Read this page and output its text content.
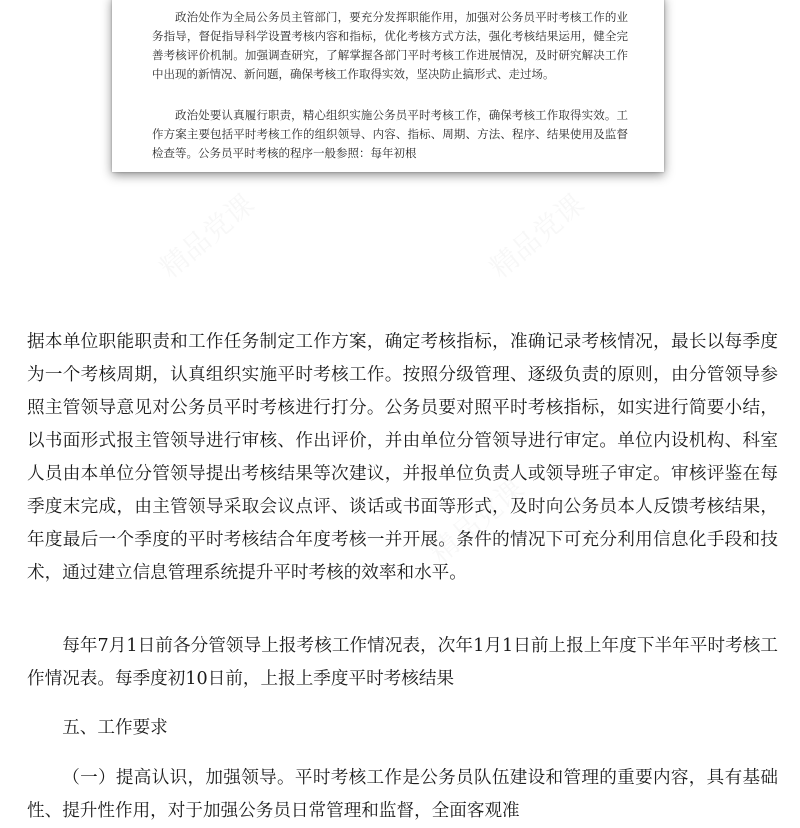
政治处作为全局公务员主管部门，要充分发挥职能作用，加强对公务员平时考核工作的业务指导，督促指导科学设置考核内容和指标，优化考核方式方法，强化考核结果运用，健全完善考核评价机制。加强调查研究，了解掌握各部门平时考核工作进展情况，及时研究解决工作中出现的新情况、新问题，确保考核工作取得实效，坚决防止搞形式、走过场。

政治处要认真履行职责，精心组织实施公务员平时考核工作，确保考核工作取得实效。工作方案主要包括平时考核工作的组织领导、内容、指标、周期、方法、程序、结果使用及监督检查等。公务员平时考核的程序一般参照：每年初根

精品党课	精品党课
精品党课

据本单位职能职责和工作任务制定工作方案，确定考核指标，准确记录考核情况，最长以每季度为一个考核周期，认真组织实施平时考核工作。按照分级管理、逐级负责的原则，由分管领导参照主管领导意见对公务员平时考核进行打分。公务员要对照平时考核指标，如实进行简要小结，以书面形式报主管领导进行审核、作出评价，并由单位分管领导进行审定。单位内设机构、科室人员由本单位分管领导提出考核结果等次建议，并报单位负责人或领导班子审定。审核评鉴在每季度末完成，由主管领导采取会议点评、谈话或书面等形式，及时向公务员本人反馈考核结果，年度最后一个季度的平时考核结合年度考核一并开展。条件的情况下可充分利用信息化手段和技术，通过建立信息管理系统提升平时考核的效率和水平。

每年7月1日前各分管领导上报考核工作情况表，次年1月1日前上报上年度下半年平时考核工作情况表。每季度初10日前，上报上季度平时考核结果

五、工作要求

（一）提高认识，加强领导。平时考核工作是公务员队伍建设和管理的重要内容，具有基础性、提升性作用，对于加强公务员日常管理和监督，全面客观准
